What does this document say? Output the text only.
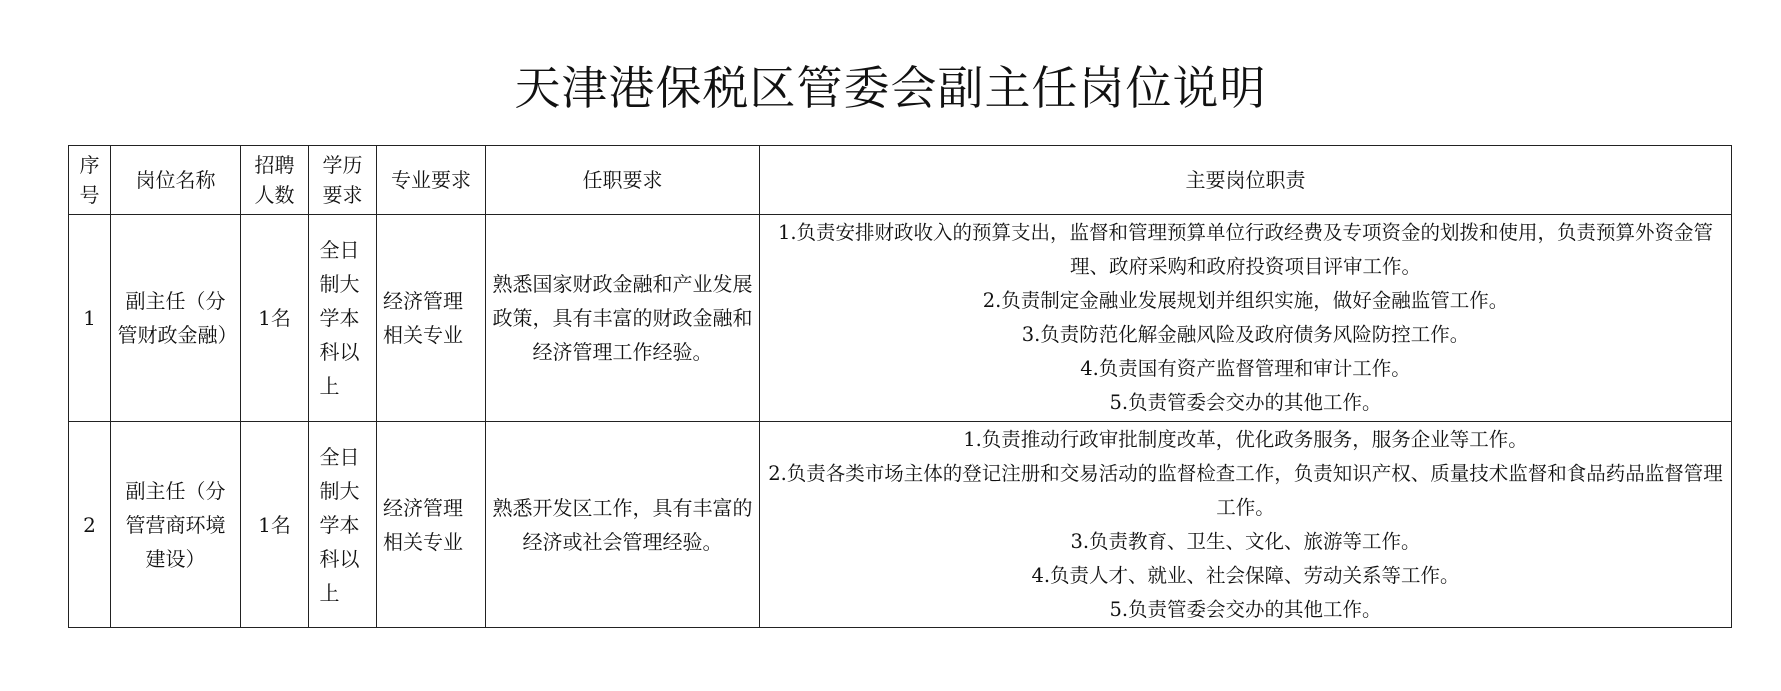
天津港保税区管委会副主任岗位说明
序号	岗位名称	招聘人数	学历要求	专业要求	任职要求	主要岗位职责
1	副主任（分管财政金融）	1名	全日制大学本科以上	经济管理相关专业	熟悉国家财政金融和产业发展政策，具有丰富的财政金融和经济管理工作经验。	1.负责安排财政收入的预算支出，监督和管理预算单位行政经费及专项资金的划拨和使用，负责预算外资金管理、政府采购和政府投资项目评审工作。
2.负责制定金融业发展规划并组织实施，做好金融监管工作。
3.负责防范化解金融风险及政府债务风险防控工作。
4.负责国有资产监督管理和审计工作。
5.负责管委会交办的其他工作。

2	副主任（分管营商环境建设）	1名	全日制大学本科以上	经济管理相关专业	熟悉开发区工作，具有丰富的经济或社会管理经验。	1.负责推动行政审批制度改革，优化政务服务，服务企业等工作。
2.负责各类市场主体的登记注册和交易活动的监督检查工作，负责知识产权、质量技术监督和食品药品监督管理工作。
3.负责教育、卫生、文化、旅游等工作。
4.负责人才、就业、社会保障、劳动关系等工作。
5.负责管委会交办的其他工作。
